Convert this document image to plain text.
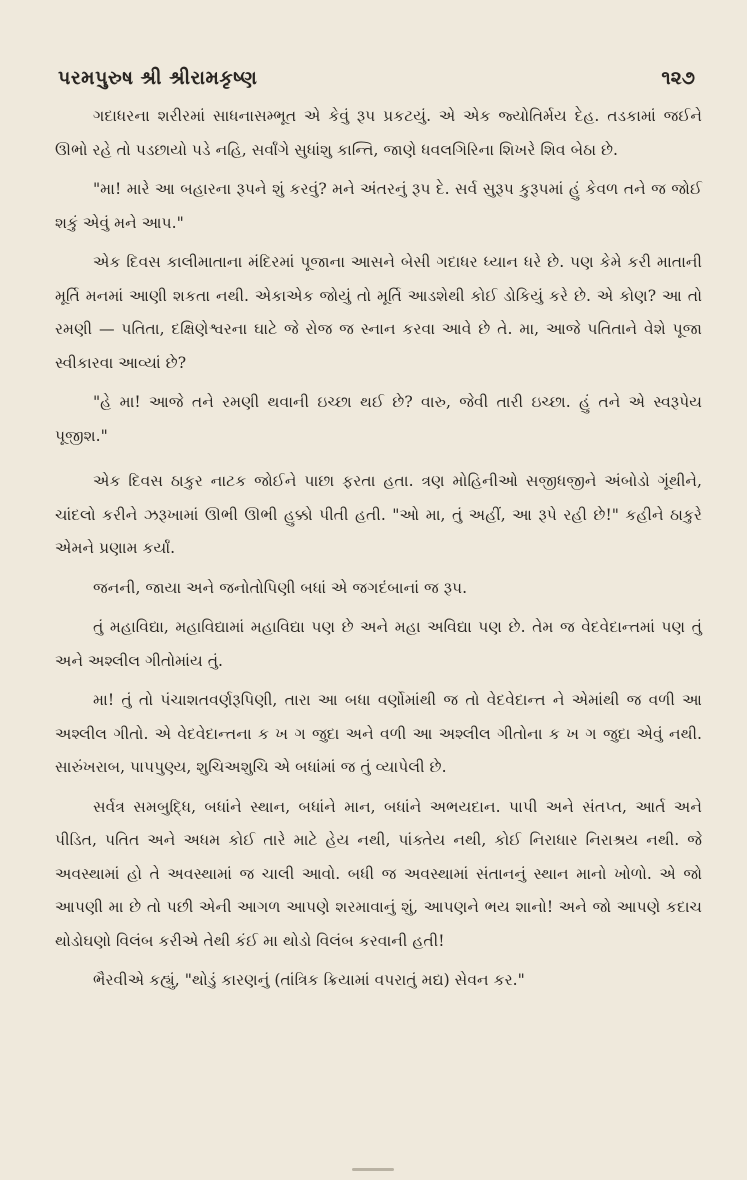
પરમપુરુષ શ્રી શ્રીરામકૃષ્ણ	૧૨૭

ગદાધરના શરીરમાં સાધનાસમ્ભૂત એ કેવું રૂપ પ્રકટયું. એ એક જ્યોતિર્મય દેહ. તડકામાં જઈને ઊભો રહે તો પડછાયો પડે નહિ, સર્વાંગે સુધાંશુ કાન્તિ, જાણે ધવલગિરિના શિખરે શિવ બેઠા છે.

"મા! મારે આ બહારના રૂપને શું કરવું? મને અંતરનું રૂપ દે. સર્વ સુરૂપ કુરૂપમાં હું કેવળ તને જ જોઈ શકું એવું મને આપ."

એક દિવસ કાલીમાતાના મંદિરમાં પૂજાના આસને બેસી ગદાધર ધ્યાન ધરે છે. પણ કેમે કરી માતાની મૂર્તિ મનમાં આણી શકતા નથી. એકાએક જોયું તો મૂર્તિ આડશેથી કોઈ ડોકિયું કરે છે. એ કોણ? આ તો રમણી — પતિતા, દક્ષિણેશ્વરના ઘાટે જે રોજ જ સ્નાન કરવા આવે છે તે. મા, આજે પતિતાને વેશે પૂજા સ્વીકારવા આવ્યાં છે?

"હે મા! આજે તને રમણી થવાની ઇચ્છા થઈ છે? વારુ, જેવી તારી ઇચ્છા. હું તને એ સ્વરૂપેય પૂજીશ."

એક દિવસ ઠાકુર નાટક જોઈને પાછા ફરતા હતા. ત્રણ મોહિનીઓ સજીધજીને અંબોડો ગૂંથીને, ચાંદલો કરીને ઝરૂખામાં ઊભી ઊભી હુક્કો પીતી હતી. "ઓ મા, તું અહીં, આ રૂપે રહી છે!" કહીને ઠાકુરે એમને પ્રણામ કર્યાં.

જનની, જાયા અને જનોતોપિણી બધાં એ જગદંબાનાં જ રૂપ.

તું મહાવિદ્યા, મહાવિદ્યામાં મહાવિદ્યા પણ છે અને મહા અવિદ્યા પણ છે. તેમ જ વેદવેદાન્તમાં પણ તું અને અશ્લીલ ગીતોમાંય તું.

મા! તું તો પંચાશતવર્ણરૂપિણી, તારા આ બધા વર્ણોમાંથી જ તો વેદવેદાન્ત ને એમાંથી જ વળી આ અશ્લીલ ગીતો. એ વેદવેદાન્તના ક ખ ગ જુદા અને વળી આ અશ્લીલ ગીતોના ક ખ ગ જુદા એવું નથી. સારુંખરાબ, પાપપુણ્ય, શુચિઅશુચિ એ બધાંમાં જ તું વ્યાપેલી છે.

સર્વત્ર સમબુદ્ધિ, બધાંને સ્થાન, બધાંને માન, બધાંને અભયદાન. પાપી અને સંતપ્ત, આર્ત અને પીડિત, પતિત અને અધમ કોઈ તારે માટે હેય નથી, પાંક્તેય નથી, કોઈ નિરાધાર નિરાશ્રય નથી. જે અવસ્થામાં હો તે અવસ્થામાં જ ચાલી આવો. બધી જ અવસ્થામાં સંતાનનું સ્થાન માનો ખોળો. એ જો આપણી મા છે તો પછી એની આગળ આપણે શરમાવાનું શું, આપણને ભય શાનો! અને જો આપણે કદાચ થોડોઘણો વિલંબ કરીએ તેથી કંઈ મા થોડો વિલંબ કરવાની હતી!

ભૈરવીએ કહ્યું, "થોડું કારણનું (તાંત્રિક ક્રિયામાં વપરાતું મદ્ય) સેવન કર."
